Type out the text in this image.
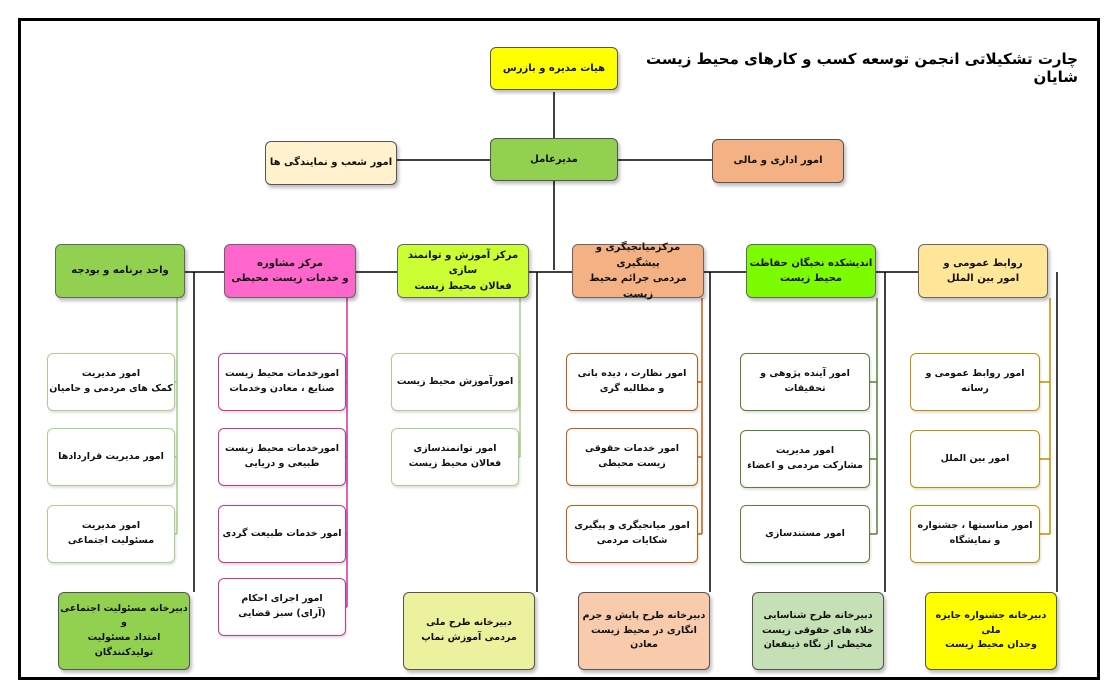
چارت تشکیلاتی انجمن توسعه کسب و کارهای محیط زیست شایان
هیات مدیره و بازرس
مدیرعامل
امور شعب و نمایندگی ها	امور اداری و مالی
روابط عمومی و
امور بین الملل
امور روابط عمومی و رسانه
امور بین الملل
امور مناسبتها ، جشنواره
و نمایشگاه
دبیرخانه جشنواره جایزه ملی
وجدان محیط زیست
اندیشکده نخبگان حفاظت
محیط زیست
امور آینده پژوهی و تحقیقات
امور مدیریت
مشارکت مردمی و اعضاء
امور مستندسازی
دبیرخانه طرح شناسایی
خلاء های حقوقی زیست
محیطی از نگاه ذینفعان
مرکزمیانجیگری و پیشگیری
مردمی جرائم محیط زیست
امور نظارت ، دیده بانی
و مطالبه گری
امور خدمات حقوقی
زیست محیطی
امور میانجیگری و پیگیری
شکایات مردمی
دبیرخانه طرح پایش و جرم
انگاری در محیط زیست معادن
مرکز آموزش و توانمند سازی
فعالان محیط زیست
امورآموزش محیط زیست
امور توانمندسازی
فعالان محیط زیست
دبیرخانه طرح ملی
مردمی آموزش نماپ
مرکز مشاوره
و خدمات زیست محیطی
امورخدمات محیط زیست
صنایع ، معادن وخدمات
امورخدمات محیط زیست
طبیعی و دریایی
امور خدمات طبیعت گردی
امور اجرای احکام
(آرای) سبز قضایی
واحد برنامه و بودجه
امور مدیریت
کمک های مردمی و حامیان
امور مدیریت قراردادها
امور مدیریت
مسئولیت اجتماعی
دبیرخانه مسئولیت اجتماعی و
امتداد مسئولیت تولیدکنندگان
